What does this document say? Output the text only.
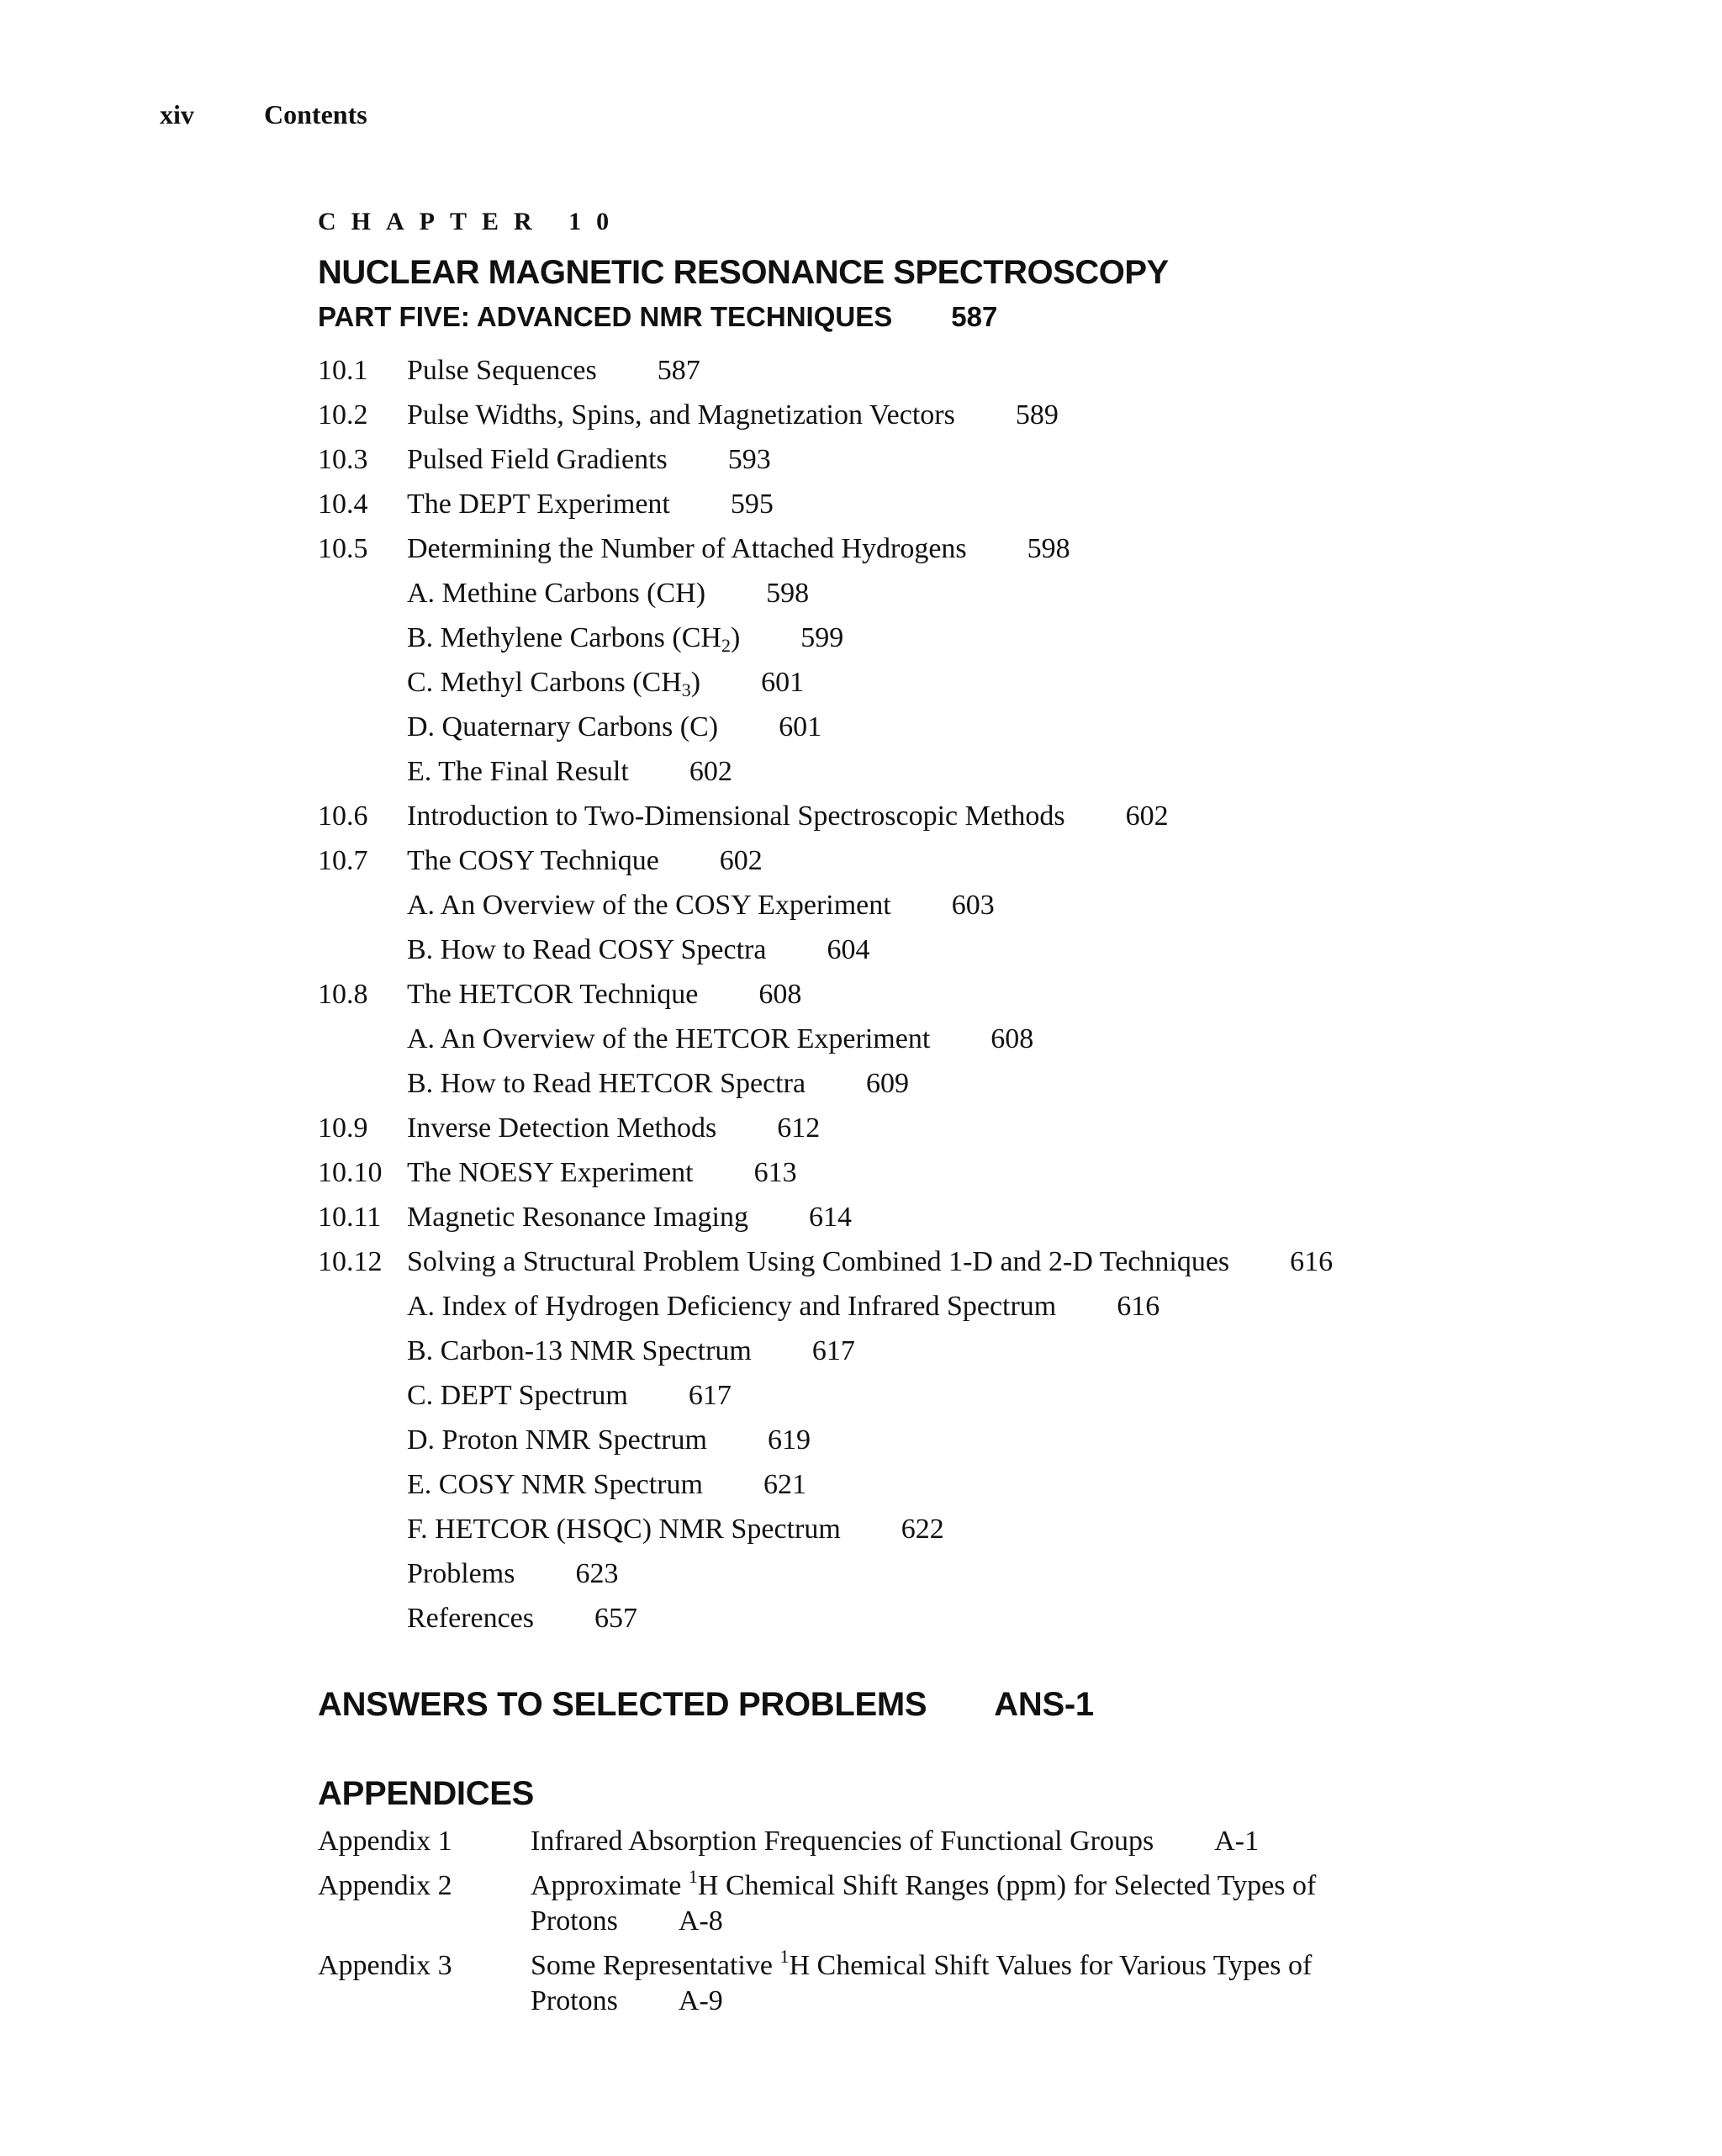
xiv	Contents
CHAPTER 10
NUCLEAR MAGNETIC RESONANCE SPECTROSCOPY
PART FIVE: ADVANCED NMR TECHNIQUES 587
10.1	Pulse Sequences 587
10.2	Pulse Widths, Spins, and Magnetization Vectors 589
10.3	Pulsed Field Gradients 593
10.4	The DEPT Experiment 595
10.5	Determining the Number of Attached Hydrogens 598
A. Methine Carbons (CH) 598
B. Methylene Carbons $(CH_2)$ 599
C. Methyl Carbons $(CH_3)$ 601
D. Quaternary Carbons (C) 601
E. The Final Result 602
10.6	Introduction to Two-Dimensional Spectroscopic Methods 602
10.7	The COSY Technique 602
A. An Overview of the COSY Experiment 603
B. How to Read COSY Spectra 604
10.8	The HETCOR Technique 608
A. An Overview of the HETCOR Experiment 608
B. How to Read HETCOR Spectra 609
10.9	Inverse Detection Methods 612
10.10 The NOESY Experiment 613
10.11 Magnetic Resonance Imaging 614
10.12 Solving a Structural Problem Using Combined 1-D and 2-D Techniques 616
A. Index of Hydrogen Deficiency and Infrared Spectrum 616
B. Carbon-13 NMR Spectrum 617
C. DEPT Spectrum 617
D. Proton NMR Spectrum 619
E. COSY NMR Spectrum 621
F. HETCOR (HSQC) NMR Spectrum 622
Problems 623
References 657
ANSWERS TO SELECTED PROBLEMS ANS-1
APPENDICES
Appendix 1	Infrared Absorption Frequencies of Functional Groups A-1
Appendix 2	Approximate $^1$H Chemical Shift Ranges (ppm) for Selected Types of Protons A-8
Appendix 3	Some Representative $^1$H Chemical Shift Values for Various Types of Protons A-9
